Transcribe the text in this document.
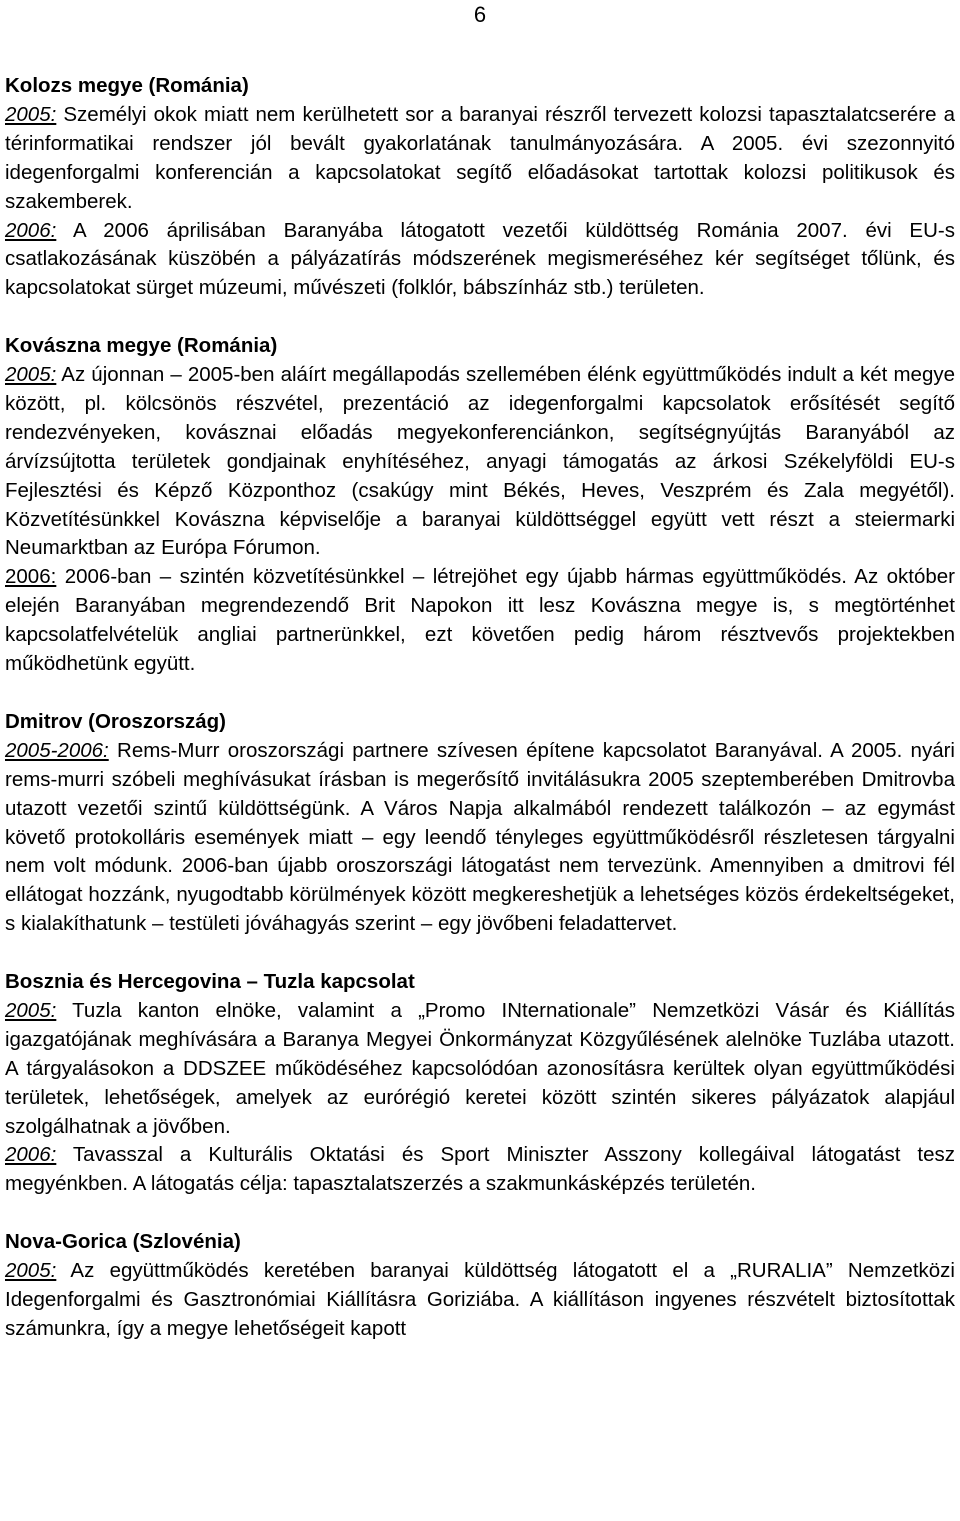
6

Kolozs megye (Románia)

2005: Személyi okok miatt nem kerülhetett sor a baranyai részről tervezett kolozsi tapasztalatcserére a térinformatikai rendszer jól bevált gyakorlatának tanulmányozására. A 2005. évi szezonnyitó idegenforgalmi konferencián a kapcsolatokat segítő előadásokat tartottak kolozsi politikusok és szakemberek.

2006: A 2006 áprilisában Baranyába látogatott vezetői küldöttség Románia 2007. évi EU-s csatlakozásának küszöbén a pályázatírás módszerének megismeréséhez kér segítséget tőlünk, és kapcsolatokat sürget múzeumi, művészeti (folklór, bábszínház stb.) területen.

Kovászna megye (Románia)

2005: Az újonnan – 2005-ben aláírt megállapodás szellemében élénk együttműködés indult a két megye között, pl. kölcsönös részvétel, prezentáció az idegenforgalmi kapcsolatok erősítését segítő rendezvényeken, kovásznai előadás megyekonferenciánkon, segítségnyújtás Baranyából az árvízsújtotta területek gondjainak enyhítéséhez, anyagi támogatás az árkosi Székelyföldi EU-s Fejlesztési és Képző Központhoz (csakúgy mint Békés, Heves, Veszprém és Zala megyétől). Közvetítésünkkel Kovászna képviselője a baranyai küldöttséggel együtt vett részt a steiermarki Neumarktban az Európa Fórumon.

2006: 2006-ban – szintén közvetítésünkkel – létrejöhet egy újabb hármas együttműködés. Az október elején Baranyában megrendezendő Brit Napokon itt lesz Kovászna megye is, s megtörténhet kapcsolatfelvételük angliai partnerünkkel, ezt követően pedig három résztvevős projektekben működhetünk együtt.

Dmitrov (Oroszország)

2005-2006: Rems-Murr oroszországi partnere szívesen építene kapcsolatot Baranyával. A 2005. nyári rems-murri szóbeli meghívásukat írásban is megerősítő invitálásukra 2005 szeptemberében Dmitrovba utazott vezetői szintű küldöttségünk. A Város Napja alkalmából rendezett találkozón – az egymást követő protokolláris események miatt – egy leendő tényleges együttműködésről részletesen tárgyalni nem volt módunk. 2006-ban újabb oroszországi látogatást nem tervezünk. Amennyiben a dmitrovi fél ellátogat hozzánk, nyugodtabb körülmények között megkereshetjük a lehetséges közös érdekeltségeket, s kialakíthatunk – testületi jóváhagyás szerint – egy jövőbeni feladattervet.

Bosznia és Hercegovina – Tuzla kapcsolat

2005: Tuzla kanton elnöke, valamint a „Promo INternationale” Nemzetközi Vásár és Kiállítás igazgatójának meghívására a Baranya Megyei Önkormányzat Közgyűlésének alelnöke Tuzlába utazott. A tárgyalásokon a DDSZEE működéséhez kapcsolódóan azonosításra kerültek olyan együttműködési területek, lehetőségek, amelyek az eurórégió keretei között szintén sikeres pályázatok alapjául szolgálhatnak a jövőben.

2006: Tavasszal a Kulturális Oktatási és Sport Miniszter Asszony kollegáival látogatást tesz megyénkben. A látogatás célja: tapasztalatszerzés a szakmunkásképzés területén.

Nova-Gorica (Szlovénia)

2005: Az együttműködés keretében baranyai küldöttség látogatott el a „RURALIA” Nemzetközi Idegenforgalmi és Gasztronómiai Kiállításra Goriziába. A kiállításon ingyenes részvételt biztosítottak számunkra, így a megye lehetőségeit kapott
